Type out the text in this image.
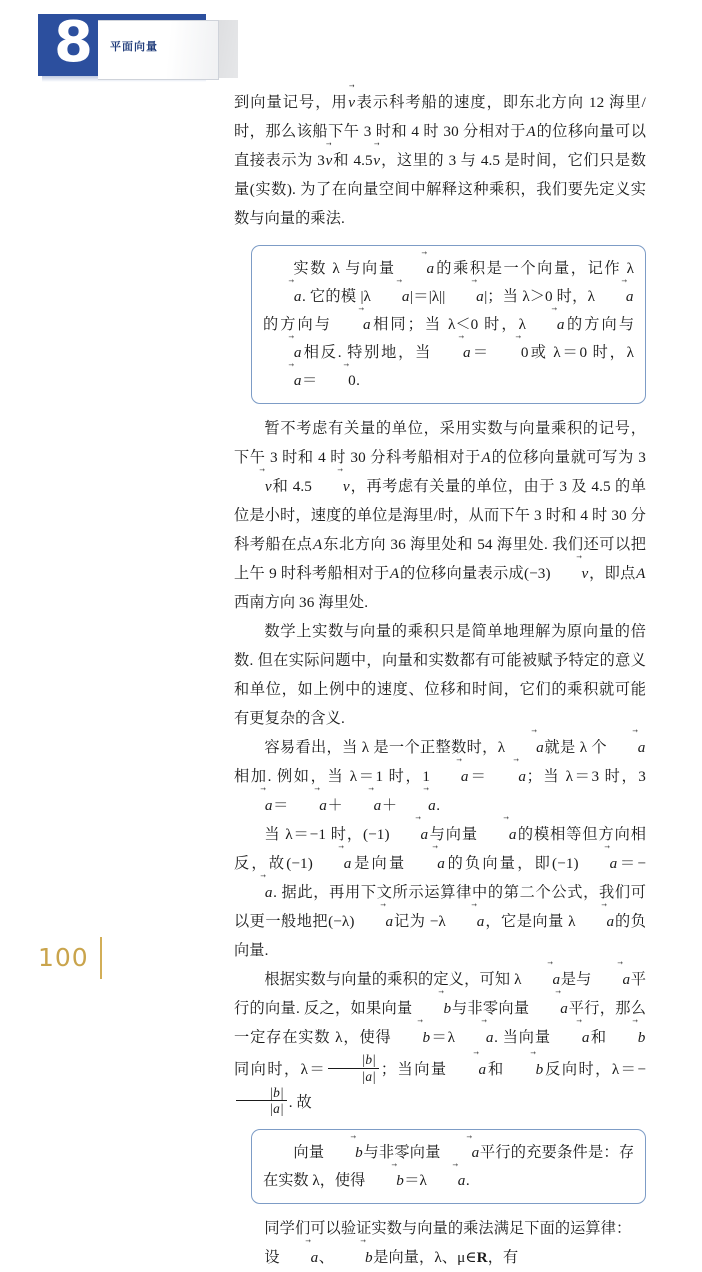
8	平面向量

到向量记号，用v →表示科考船的速度，即东北方向 12 海里/时，那么该船下午 3 时和 4 时 30 分相对于A的位移向量可以直接表示为 3v →和 4.5v →，这里的 3 与 4.5 是时间，它们只是数量(实数). 为了在向量空间中解释这种乘积，我们要先定义实数与向量的乘法.

实数 λ 与向量 a →的乘积是一个向量，记作 λa →. 它的模 |λ a →|＝|λ|| a →|；当 λ＞0 时，λ a →的方向与 a →相同；当 λ＜0 时，λ a →的方向与a →相反. 特别地，当 a →＝ 0 →或 λ＝0 时，λa →＝ 0 →.

暂不考虑有关量的单位，采用实数与向量乘积的记号，下午 3 时和 4 时 30 分科考船相对于A的位移向量就可写为 3v →和 4.5 v →，再考虑有关量的单位，由于 3 及 4.5 的单位是小时，速度的单位是海里/时，从而下午 3 时和 4 时 30 分科考船在点A东北方向 36 海里处和 54 海里处. 我们还可以把上午 9 时科考船相对于A的位移向量表示成(−3) v →，即点A西南方向 36 海里处.

数学上实数与向量的乘积只是简单地理解为原向量的倍数. 但在实际问题中，向量和实数都有可能被赋予特定的意义和单位，如上例中的速度、位移和时间，它们的乘积就可能有更复杂的含义.

容易看出，当 λ 是一个正整数时，λ a →就是 λ 个 a →相加. 例如，当 λ＝1 时，1 a →＝ a →；当 λ＝3 时，3a →＝ a →＋ a →＋ a →.

当 λ＝−1 时，(−1) a →与向量 a →的模相等但方向相反，故(−1) a →是向量 a →的负向量，即(−1) a →＝−a →. 据此，再用下文所示运算律中的第二个公式，我们可以更一般地把(−λ) a →记为 −λ a →，它是向量 λ a →的负向量.

根据实数与向量的乘积的定义，可知 λ a →是与 a →平行的向量. 反之，如果向量 b →与非零向量 a →平行，那么一定存在实数 λ，使得 b →＝λ a →. 当向量 a →和 b →同向时，$\lambda= \frac{|b|}{|a|}$ ；当向量 a →和 b →反向时，λ＝−
$\frac{|b|}{|a|}$ . 故

向量 b →与非零向量 a →平行的充要条件是：存在实数 λ，使得 b →＝λ a →.

同学们可以验证实数与向量的乘法满足下面的运算律：

设 a →、 b →是向量，λ、μ∈R，有

100
